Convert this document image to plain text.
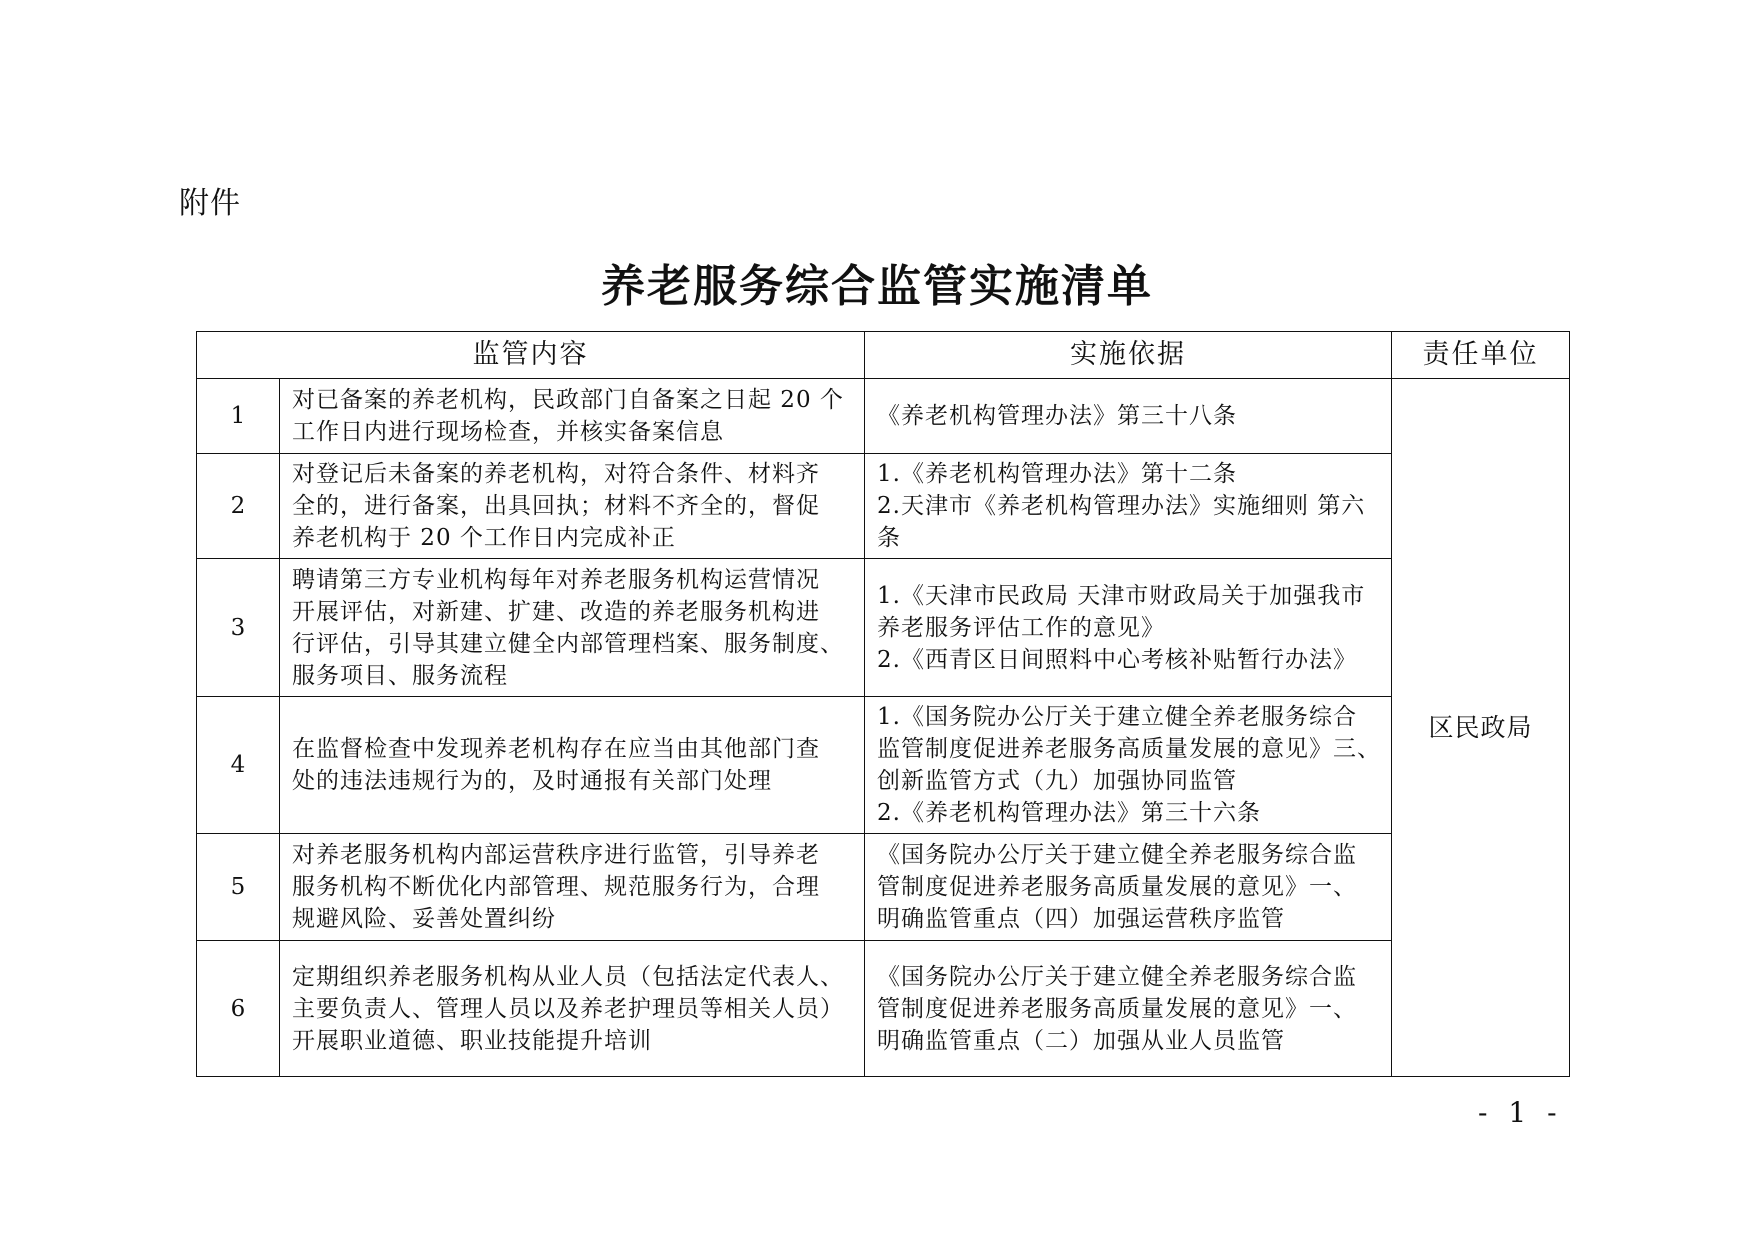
附件
养老服务综合监管实施清单
监管内容		实施依据	责任单位
1	对已备案的养老机构，民政部门自备案之日起 20 个
工作日内进行现场检查，并核实备案信息	《养老机构管理办法》第三十八条	区民政局
2	对登记后未备案的养老机构，对符合条件、材料齐
全的，进行备案，出具回执；材料不齐全的，督促
养老机构于 20 个工作日内完成补正	1.《养老机构管理办法》第十二条
2.天津市《养老机构管理办法》实施细则 第六
条	

3	聘请第三方专业机构每年对养老服务机构运营情况
开展评估，对新建、扩建、改造的养老服务机构进
行评估，引导其建立健全内部管理档案、服务制度、
服务项目、服务流程	1.《天津市民政局 天津市财政局关于加强我市
养老服务评估工作的意见》
2.《西青区日间照料中心考核补贴暂行办法》	

4	在监督检查中发现养老机构存在应当由其他部门查
处的违法违规行为的，及时通报有关部门处理	1.《国务院办公厅关于建立健全养老服务综合
监管制度促进养老服务高质量发展的意见》三、
创新监管方式（九）加强协同监管
2.《养老机构管理办法》第三十六条	

5	对养老服务机构内部运营秩序进行监管，引导养老
服务机构不断优化内部管理、规范服务行为，合理
规避风险、妥善处置纠纷	《国务院办公厅关于建立健全养老服务综合监
管制度促进养老服务高质量发展的意见》一、
明确监管重点（四）加强运营秩序监管	

6	定期组织养老服务机构从业人员（包括法定代表人、
主要负责人、管理人员以及养老护理员等相关人员）
开展职业道德、职业技能提升培训	《国务院办公厅关于建立健全养老服务综合监
管制度促进养老服务高质量发展的意见》一、
明确监管重点（二）加强从业人员监管	
- 1 -
